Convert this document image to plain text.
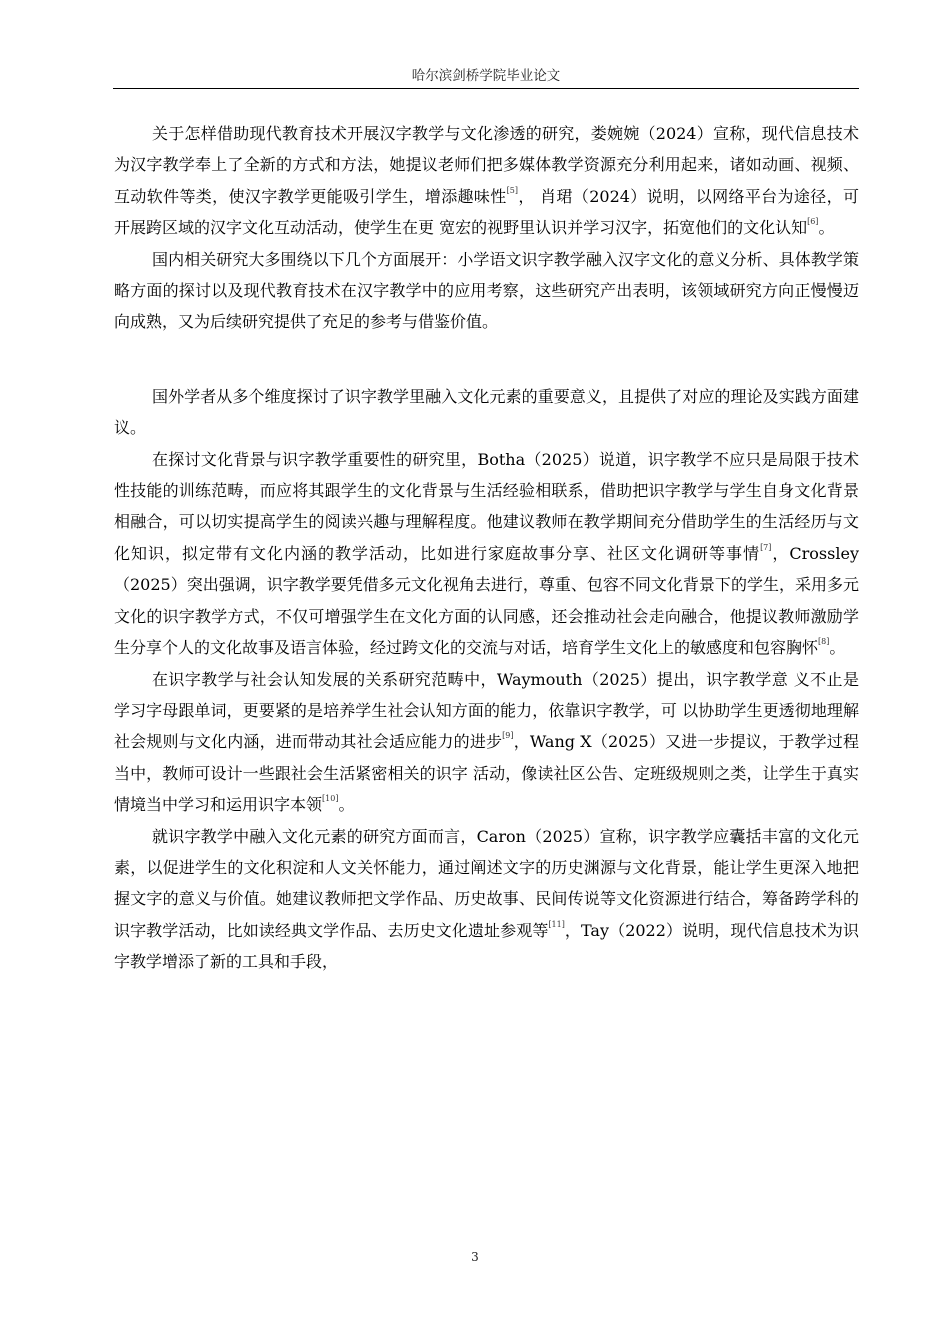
哈尔滨剑桥学院毕业论文

关于怎样借助现代教育技术开展汉字教学与文化渗透的研究，娄婉婉（2024）宣称，现代信息技术为汉字教学奉上了全新的方式和方法，她提议老师们把多媒体教学资源充分利用起来，诸如动画、视频、互动软件等类，使汉字教学更能吸引学生，增添趣味性[5]， 肖珺（2024）说明，以网络平台为途径，可开展跨区域的汉字文化互动活动，使学生在更 宽宏的视野里认识并学习汉字，拓宽他们的文化认知[6]。

国内相关研究大多围绕以下几个方面展开：小学语文识字教学融入汉字文化的意义分析、具体教学策略方面的探讨以及现代教育技术在汉字教学中的应用考察，这些研究产出表明，该领域研究方向正慢慢迈向成熟，又为后续研究提供了充足的参考与借鉴价值。

国外学者从多个维度探讨了识字教学里融入文化元素的重要意义，且提供了对应的理论及实践方面建议。

在探讨文化背景与识字教学重要性的研究里，Botha（2025）说道，识字教学不应只是局限于技术性技能的训练范畴，而应将其跟学生的文化背景与生活经验相联系，借助把识字教学与学生自身文化背景相融合，可以切实提高学生的阅读兴趣与理解程度。他建议教师在教学期间充分借助学生的生活经历与文化知识，拟定带有文化内涵的教学活动，比如进行家庭故事分享、社区文化调研等事情[7]，Crossley（2025）突出强调，识字教学要凭借多元文化视角去进行，尊重、包容不同文化背景下的学生，采用多元文化的识字教学方式，不仅可增强学生在文化方面的认同感，还会推动社会走向融合，他提议教师激励学生分享个人的文化故事及语言体验，经过跨文化的交流与对话，培育学生文化上的敏感度和包容胸怀[8]。

在识字教学与社会认知发展的关系研究范畴中，Waymouth（2025）提出，识字教学意 义不止是学习字母跟单词，更要紧的是培养学生社会认知方面的能力，依靠识字教学，可 以协助学生更透彻地理解社会规则与文化内涵，进而带动其社会适应能力的进步[9]，Wang X（2025）又进一步提议，于教学过程当中，教师可设计一些跟社会生活紧密相关的识字 活动，像读社区公告、定班级规则之类，让学生于真实情境当中学习和运用识字本领[10]。

就识字教学中融入文化元素的研究方面而言，Caron（2025）宣称，识字教学应囊括丰富的文化元素，以促进学生的文化积淀和人文关怀能力，通过阐述文字的历史渊源与文化背景，能让学生更深入地把握文字的意义与价值。她建议教师把文学作品、历史故事、民间传说等文化资源进行结合，筹备跨学科的识字教学活动，比如读经典文学作品、去历史文化遗址参观等[11]，Tay（2022）说明，现代信息技术为识字教学增添了新的工具和手段，

3
